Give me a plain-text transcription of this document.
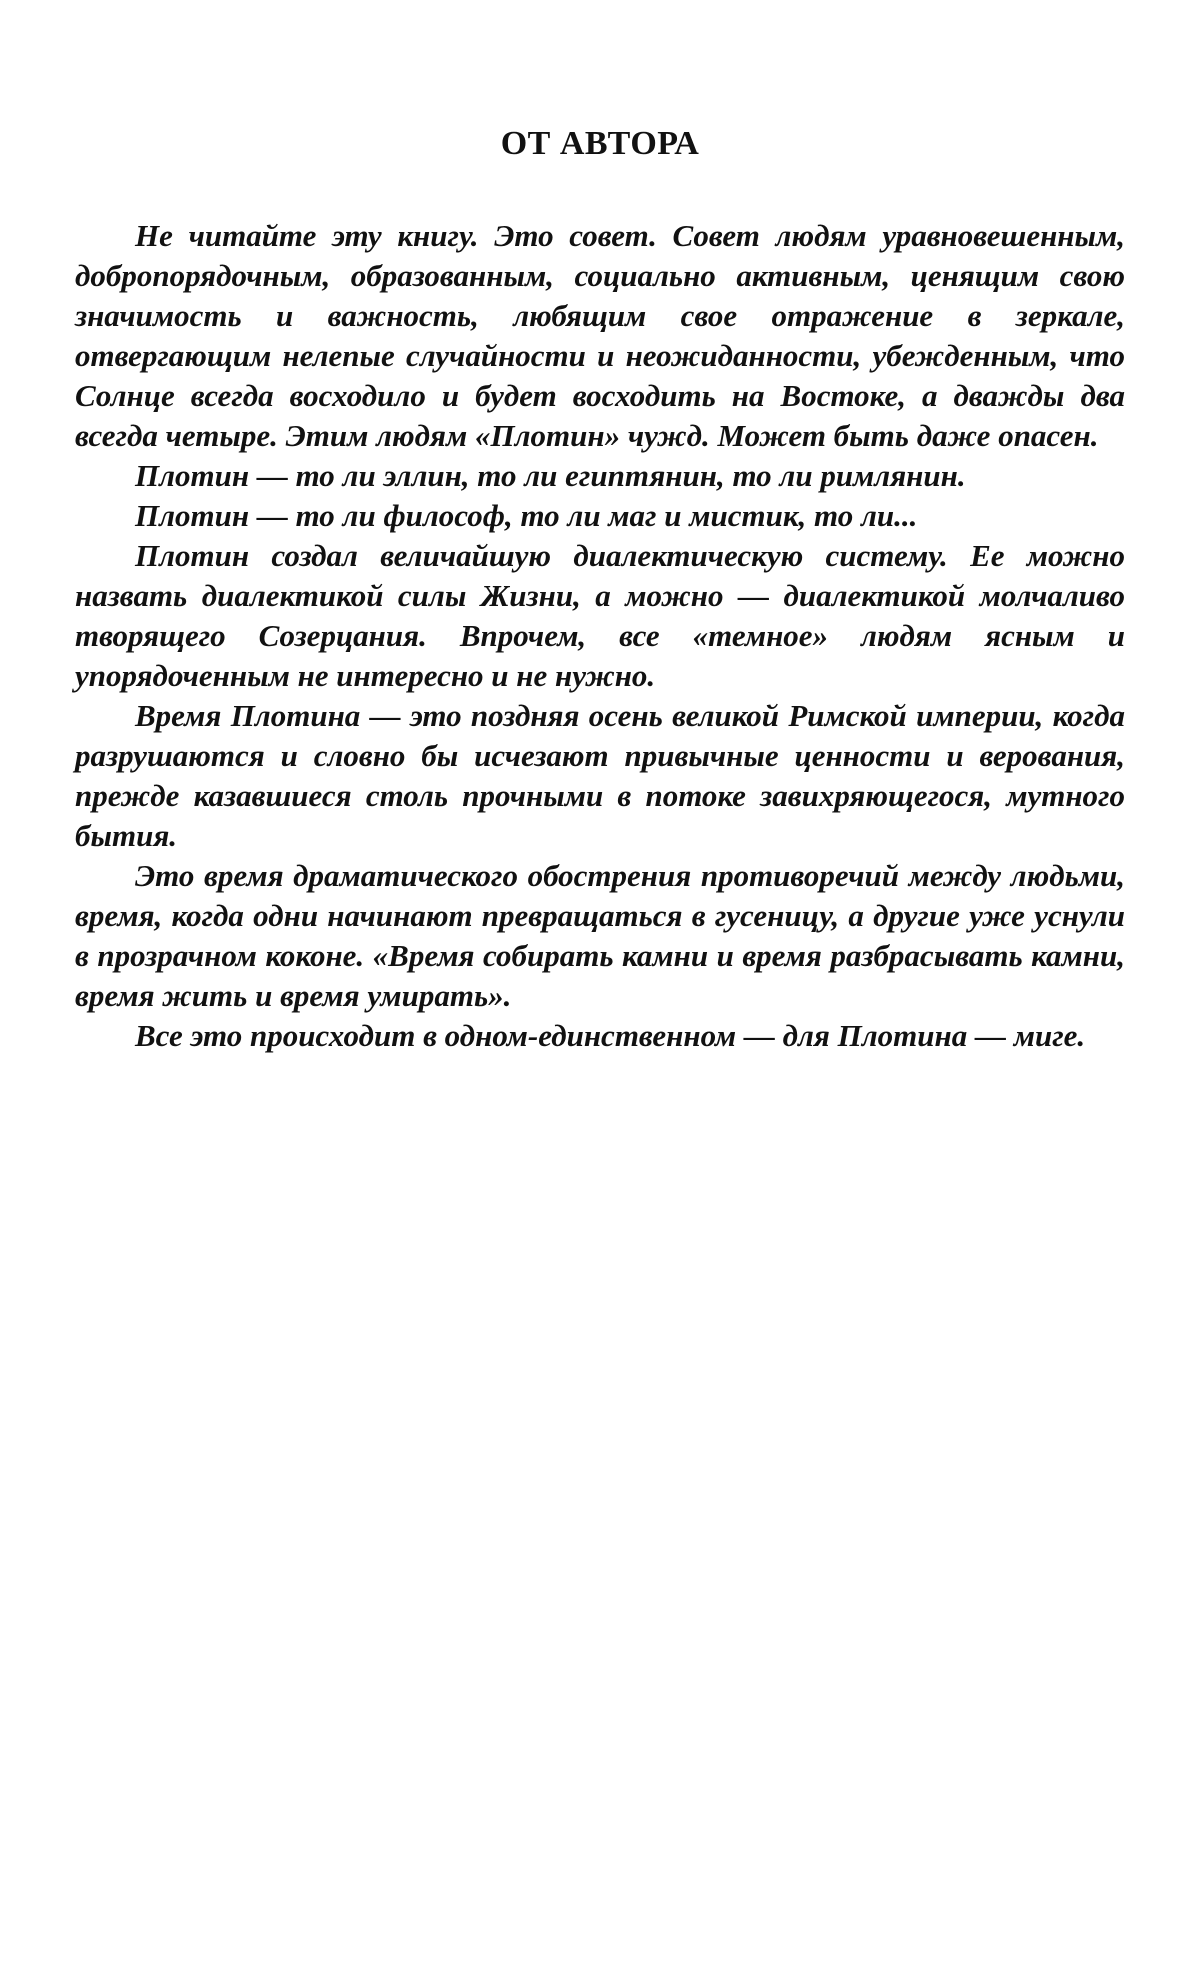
ОТ АВТОРА

Не читайте эту книгу. Это совет. Совет людям уравновешенным, добропорядочным, образованным, социально активным, ценящим свою значимость и важность, любящим свое отражение в зеркале, отвергающим нелепые случайности и неожиданности, убежденным, что Солнце всегда восходило и будет восходить на Востоке, а дважды два всегда четыре. Этим людям «Плотин» чужд. Может быть даже опасен.

Плотин — то ли эллин, то ли египтянин, то ли римлянин.

Плотин — то ли философ, то ли маг и мистик, то ли...

Плотин создал величайшую диалектическую систему. Ее можно назвать диалектикой силы Жизни, а можно — диалектикой молчаливо творящего Созерцания. Впрочем, все «темное» людям ясным и упорядоченным не интересно и не нужно.

Время Плотина — это поздняя осень великой Римской империи, когда разрушаются и словно бы исчезают привычные ценности и верования, прежде казавшиеся столь прочными в потоке завихряющегося, мутного бытия.

Это время драматического обострения противоречий между людьми, время, когда одни начинают превращаться в гусеницу, а другие уже уснули в прозрачном коконе. «Время собирать камни и время разбрасывать камни, время жить и время умирать».

Все это происходит в одном-единственном — для Плотина — миге.
